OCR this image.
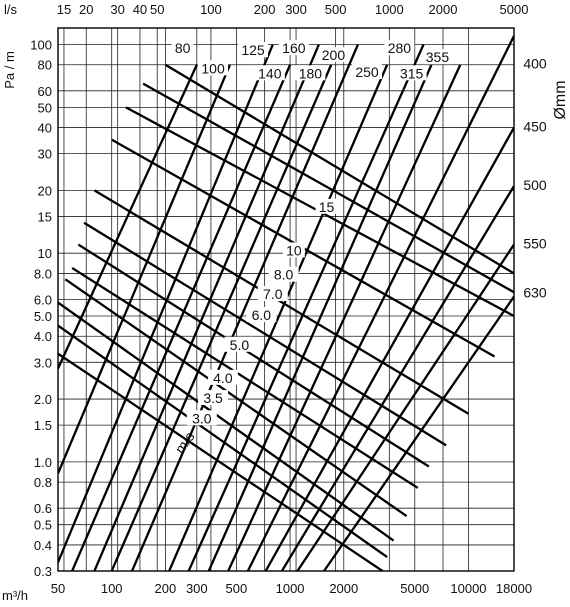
80
100
125
140
160
180
200
250
280
315
355	400
450
500
550
630
15
10
8.0
7.0
6.0
5.0
4.0
3.5
3.0
m/s
50	100 200 300 500 1000 2000	5000 10000 18000
15 20 30 40 50	100 200 300 500 1000 2000	5000
0.3
0.4
0.5
0.6
0.8
1.0
1.5
2.0
3.0
4.0
5.0
6.0
8.0
10
15
20
30
40
50
60
80
100
l/s
m³/h
Pa / m
Ømm
